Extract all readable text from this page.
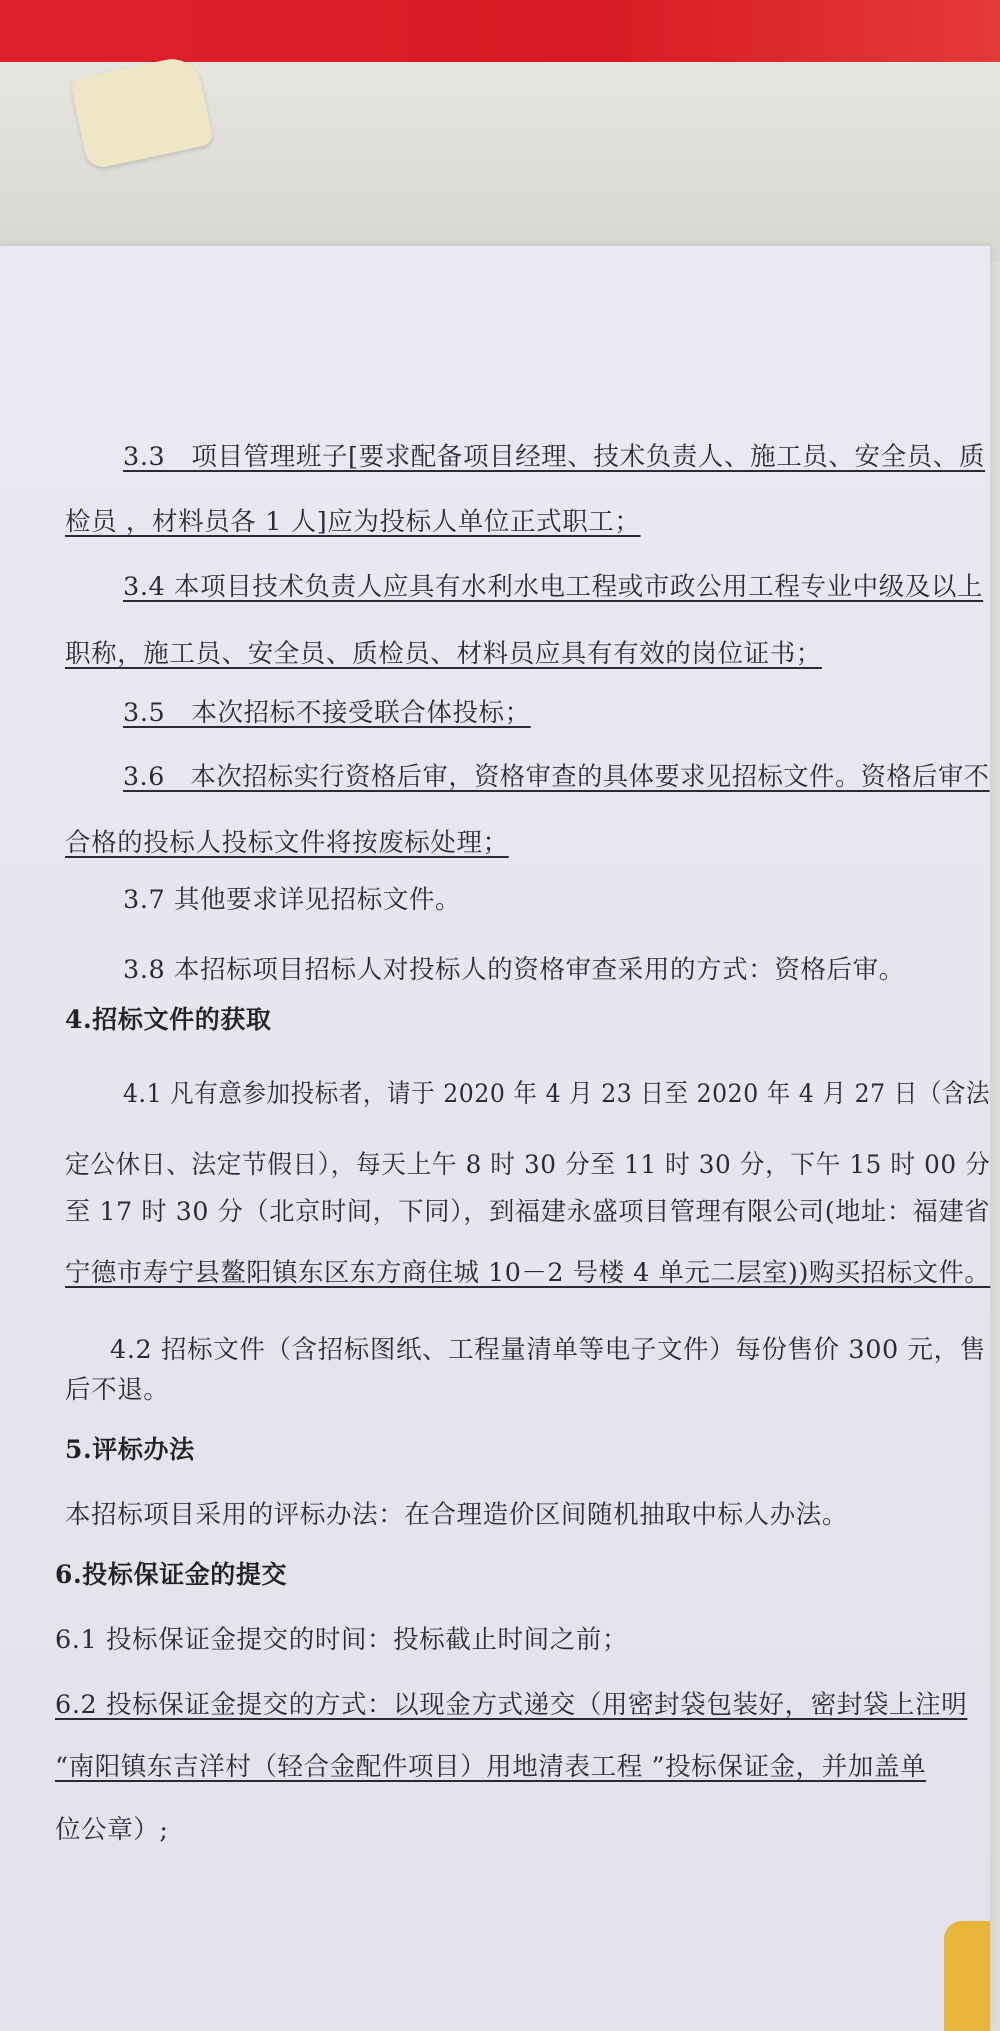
3.3　项目管理班子[要求配备项目经理、技术负责人、施工员、安全员、质
检员 ，材料员各 1 人]应为投标人单位正式职工；
3.4 本项目技术负责人应具有水利水电工程或市政公用工程专业中级及以上
职称，施工员、安全员、质检员、材料员应具有有效的岗位证书；
3.5　本次招标不接受联合体投标；
3.6　本次招标实行资格后审，资格审查的具体要求见招标文件。资格后审不
合格的投标人投标文件将按废标处理；
3.7 其他要求详见招标文件。
3.8 本招标项目招标人对投标人的资格审查采用的方式：资格后审。
4.招标文件的获取
4.1 凡有意参加投标者，请于 2020 年 4 月 23 日至 2020 年 4 月 27 日（含法
定公休日、法定节假日），每天上午 8 时 30 分至 11 时 30 分，下午 15 时 00 分
至 17 时 30 分（北京时间，下同），到福建永盛项目管理有限公司(地址：福建省
宁德市寿宁县鳌阳镇东区东方商住城 10－2 号楼 4 单元二层室))购买招标文件。
4.2 招标文件（含招标图纸、工程量清单等电子文件）每份售价 300 元，售
后不退。
5.评标办法
本招标项目采用的评标办法：在合理造价区间随机抽取中标人办法。
6.投标保证金的提交
6.1 投标保证金提交的时间：投标截止时间之前；
6.2 投标保证金提交的方式：以现金方式递交（用密封袋包装好，密封袋上注明
“南阳镇东吉洋村（轻合金配件项目）用地清表工程 ”投标保证金，并加盖单
位公章）;
